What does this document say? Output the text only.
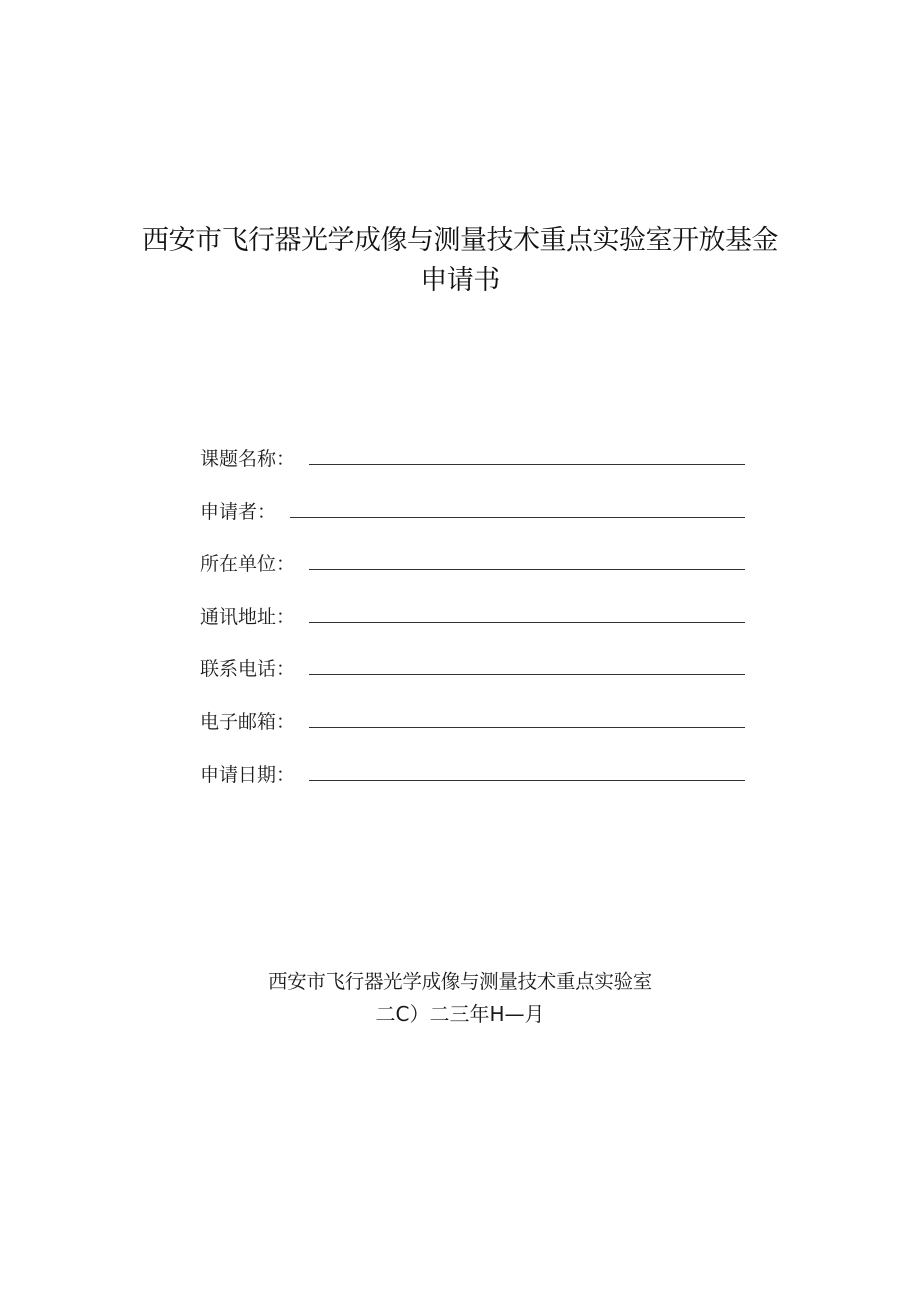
西安市飞行器光学成像与测量技术重点实验室开放基金
申请书
课题名称：
申请者：
所在单位：
通讯地址：
联系电话：
电子邮箱：
申请日期：
西安市飞行器光学成像与测量技术重点实验室
二C）二三年H—月
